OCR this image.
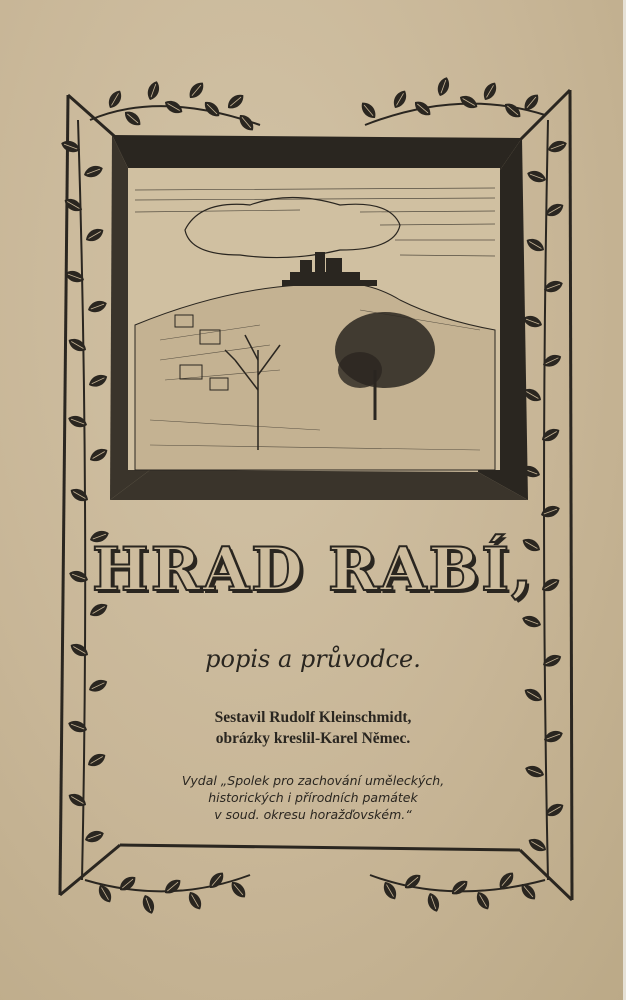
HRAD RABÍ,
popis a průvodce.
Sestavil Rudolf Kleinschmidt,
obrázky kreslil-Karel Němec.
Vydal „Spolek pro zachování uměleckých,
historických i přírodních památek
v soud. okresu horažďovském.“
